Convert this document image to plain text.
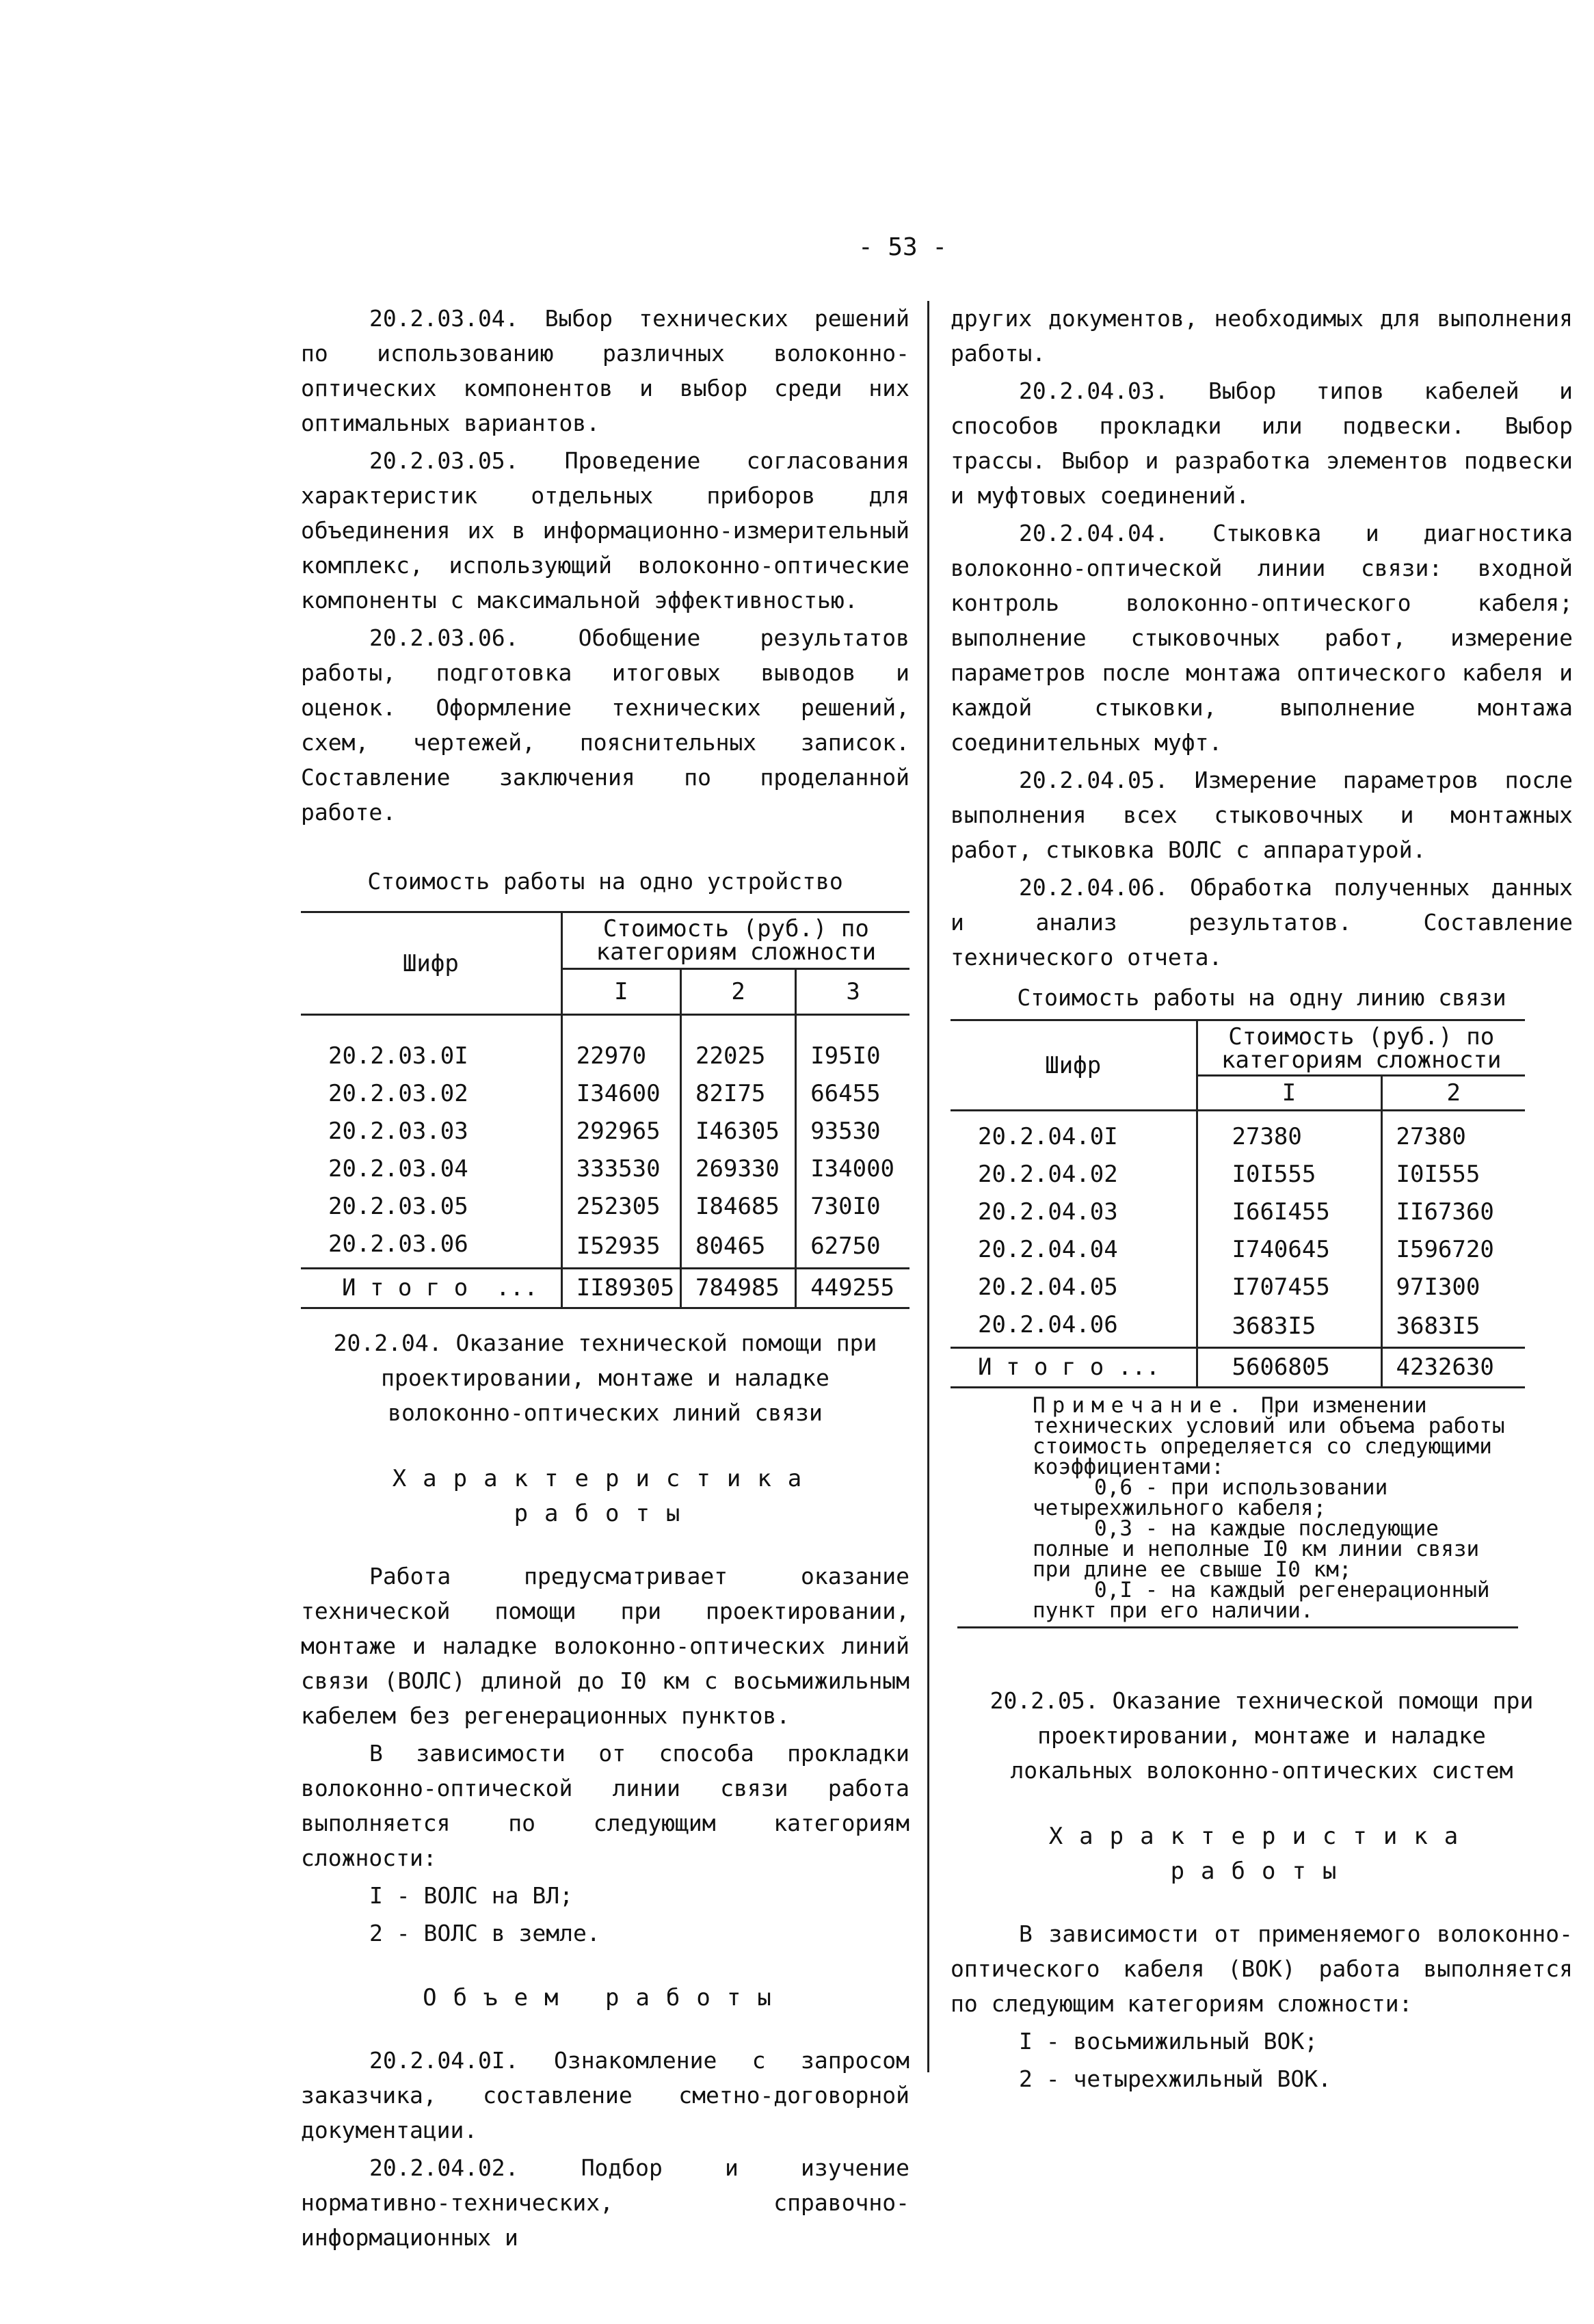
- 53 -

20.2.03.04. Выбор технических решений по использованию различных волоконно-оптических компонентов и выбор среди них оптимальных вариантов.

20.2.03.05. Проведение согласования характеристик отдельных приборов для объединения их в информационно-измерительный комплекс, использующий волоконно-оптические компоненты с максимальной эффективностью.

20.2.03.06. Обобщение результатов работы, подготовка итоговых выводов и оценок. Оформление технических решений, схем, чертежей, пояснительных записок. Составление заключения по проделанной работе.

Стоимость работы на одно устройство

Шифр	Стоимость (руб.) по категориям сложности		
	I	2	3
20.2.03.0I	22970	22025	I95I0
20.2.03.02	I34600	82I75	66455
20.2.03.03	292965	I46305	93530
20.2.03.04	333530	269330	I34000
20.2.03.05	252305	I84685	730I0
20.2.03.06	I52935	80465	62750
И т о г о  ...	II89305	784985	449255

20.2.04. Оказание технической помощи при проектировании, монтаже и наладке волоконно-оптических линий связи

Характеристика работы

Работа предусматривает оказание технической помощи при проектировании, монтаже и наладке волоконно-оптических линий связи (ВОЛС) длиной до I0 км с восьмижильным кабелем без регенерационных пунктов.

В зависимости от способа прокладки волоконно-оптической линии связи работа выполняется по следующим категориям сложности:

I - ВОЛС на ВЛ;

2 - ВОЛС в земле.

Объем работы

20.2.04.0I. Ознакомление с запросом заказчика, составление сметно-договорной документации.

20.2.04.02. Подбор и изучение нормативно-технических, справочно-информационных и

других документов, необходимых для выполнения работы.

20.2.04.03. Выбор типов кабелей и способов прокладки или подвески. Выбор трассы. Выбор и разработка элементов подвески и муфтовых соединений.

20.2.04.04. Стыковка и диагностика волоконно-оптической линии связи: входной контроль волоконно-оптического кабеля; выполнение стыковочных работ, измерение параметров после монтажа оптического кабеля и каждой стыковки, выполнение монтажа соединительных муфт.

20.2.04.05. Измерение параметров после выполнения всех стыковочных и монтажных работ, стыковка ВОЛС с аппаратурой.

20.2.04.06. Обработка полученных данных и анализ результатов. Составление технического отчета.

Стоимость работы на одну линию связи

Шифр	Стоимость (руб.) по категориям сложности	
	I	2
20.2.04.0I	27380	27380
20.2.04.02	I0I555	I0I555
20.2.04.03	I66I455	II67360
20.2.04.04	I740645	I596720
20.2.04.05	I707455	97I300
20.2.04.06	3683I5	3683I5
И т о г о ...	5606805	4232630
Примечание. При изменении технических условий или объема работы стоимость определяется со следующими коэффициентами:
0,6 - при использовании четырехжильного кабеля;
0,3 - на каждые последующие полные и неполные I0 км линии связи при длине ее свыше I0 км;
0,I - на каждый регенерационный пункт при его наличии.

20.2.05. Оказание технической помощи при проектировании, монтаже и наладке локальных волоконно-оптических систем

Характеристика работы

В зависимости от применяемого волоконно-оптического кабеля (ВОК) работа выполняется по следующим категориям сложности:

I - восьмижильный ВОК;

2 - четырехжильный ВОК.
